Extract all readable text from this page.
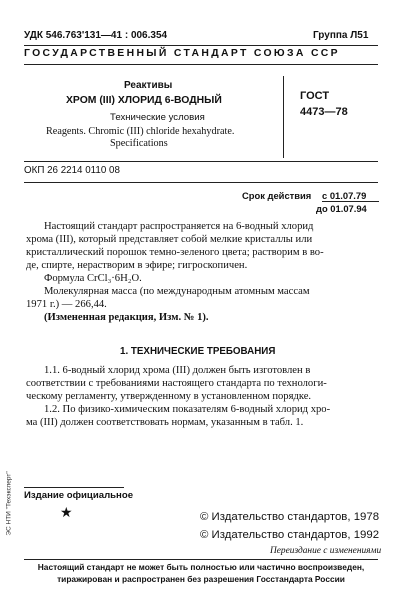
УДК 546.763'131—41 : 006.354	Группа Л51
ГОСУДАРСТВЕННЫЙ СТАНДАРТ СОЮЗА ССР
Реактивы
ХРОМ (III) ХЛОРИД 6-ВОДНЫЙ
Технические условия
Reagents. Chromic (III) chloride hexahydrate.
Specifications
ГОСТ
4473—78
ОКП 26 2214 0110 08
Срок действия с 01.07.79
до 01.07.94
Настоящий стандарт распространяется на 6-водный хлорид
хрома (III), который представляет собой мелкие кристаллы или
кристаллический порошок темно-зеленого цвета; растворим в во-
де, спирте, нерастворим в эфире; гигроскопичен.
Формула CrCl₃·6H₂O.
Молекулярная масса (по международным атомным массам
1971 г.) — 266,44.
(Измененная редакция, Изм. № 1).
1. ТЕХНИЧЕСКИЕ ТРЕБОВАНИЯ
1.1. 6-водный хлорид хрома (III) должен быть изготовлен в
соответствии с требованиями настоящего стандарта по технологи-
ческому регламенту, утвержденному в установленном порядке.
1.2. По физико-химическим показателям 6-водный хлорид хро-
ма (III) должен соответствовать нормам, указанным в табл. 1.
ЭС НТИ "Техэксперт" Издание официальное
★	© Издательство стандартов, 1978
© Издательство стандартов, 1992
Переиздание с изменениями
Настоящий стандарт не может быть полностью или частично воспроизведен,
тиражирован и распространен без разрешения Госстандарта России
